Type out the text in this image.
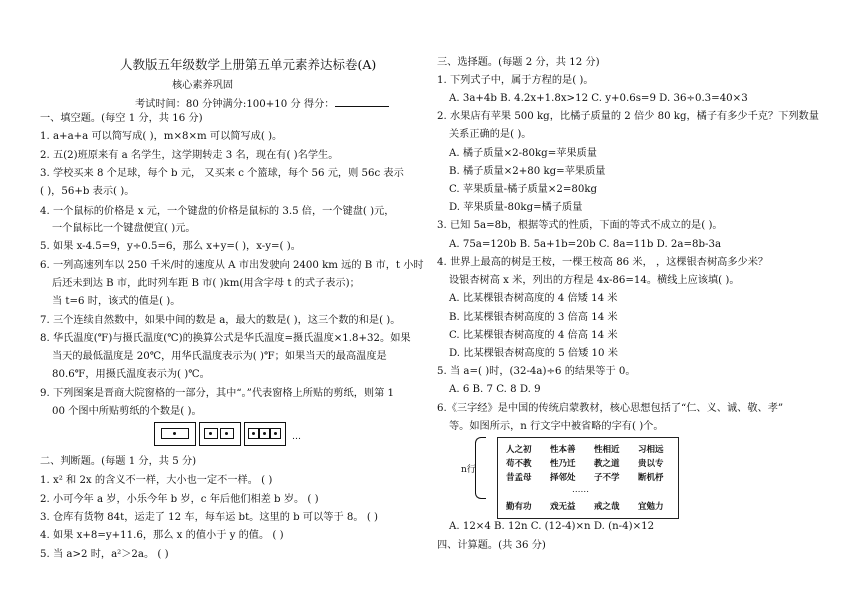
人教版五年级数学上册第五单元素养达标卷(A)
核心素养巩固
考试时间：80 分钟满分:100+10 分 得分：
一、填空题。(每空 1 分，共 16 分)
1. a+a+a 可以简写成( )，m×8×m 可以简写成( )。
2. 五(2)班原来有 a 名学生，这学期转走 3 名，现在有( )名学生。
3. 学校买来 8 个足球，每个 b 元， 又买来 c 个篮球，每个 56 元，则 56c 表示
( )，56+b 表示( )。
4. 一个鼠标的价格是 x 元，一个键盘的价格是鼠标的 3.5 倍，一个键盘( )元，
一个鼠标比一个键盘便宜( )元。
5. 如果 x-4.5=9，y÷0.5=6，那么 x+y=( )，x-y=( )。
6. 一列高速列车以 250 千米/时的速度从 A 市出发驶向 2400 km 远的 B 市，t 小时
后还未到达 B 市，此时列车距 B 市( )km(用含字母 t 的式子表示)；
当 t=6 时，该式的值是( )。
7. 三个连续自然数中，如果中间的数是 a，最大的数是( )，这三个数的和是( )。
8. 华氏温度(℉)与摄氏温度(℃)的换算公式是华氏温度=摄氏温度×1.8+32。如果
当天的最低温度是 20℃，用华氏温度表示为( )℉；如果当天的最高温度是
80.6℉，用摄氏温度表示为( )℃。
9. 下列图案是晋商大院窗格的一部分，其中“。”代表窗格上所贴的剪纸，则第 1
00 个图中所贴剪纸的个数是( )。
…
二、判断题。(每题 1 分，共 5 分)
1. x² 和 2x 的含义不一样，大小也一定不一样。 ( )
2. 小可今年 a 岁，小乐今年 b 岁，c 年后他们相差 b 岁。 ( )
3. 仓库有货物 84t，运走了 12 车，每车运 bt。这里的 b 可以等于 8。 ( )
4. 如果 x+8=y+11.6，那么 x 的值小于 y 的值。 ( )
5. 当 a>2 时，a²＞2a。 ( )
三、选择题。(每题 2 分，共 12 分)
1. 下列式子中，属于方程的是( )。
A. 3a+4b B. 4.2x+1.8x>12 C. y+0.6s=9 D. 36÷0.3=40×3
2. 水果店有苹果 500 kg，比橘子质量的 2 倍少 80 kg，橘子有多少千克？下列数量
关系正确的是( )。
A. 橘子质量×2-80kg=苹果质量
B. 橘子质量×2+80 kg=苹果质量
C. 苹果质量-橘子质量×2=80kg
D. 苹果质量-80kg=橘子质量
3. 已知 5a=8b，根据等式的性质，下面的等式不成立的是( )。
A. 75a=120b B. 5a+1b=20b C. 8a=11b D. 2a=8b-3a
4. 世界上最高的树是王桉，一棵王桉高 86 米， ，这棵银杏树高多少米？
设银杏树高 x 米，列出的方程是 4x-86=14。横线上应该填( )。
A. 比某棵银杏树高度的 4 倍矮 14 米
B. 比某棵银杏树高度的 3 倍高 14 米
C. 比某棵银杏树高度的 4 倍高 14 米
D. 比某棵银杏树高度的 5 倍矮 10 米
5. 当 a=( )时，(32-4a)÷6 的结果等于 0。
A. 6 B. 7 C. 8 D. 9
6.《三字经》是中国的传统启蒙教材，核心思想包括了“仁、义、诚、敬、孝”
等。如图所示，n 行文字中被省略的字有( )个。
n行
人之初 性本善 性相近 习相远
苟不教 性乃迁 教之道 贵以专
昔孟母 择邻处 子不学 断机杼
……
勤有功 戏无益 戒之哉 宜勉力
A. 12×4 B. 12n C. (12-4)×n D. (n-4)×12
四、计算题。(共 36 分)
